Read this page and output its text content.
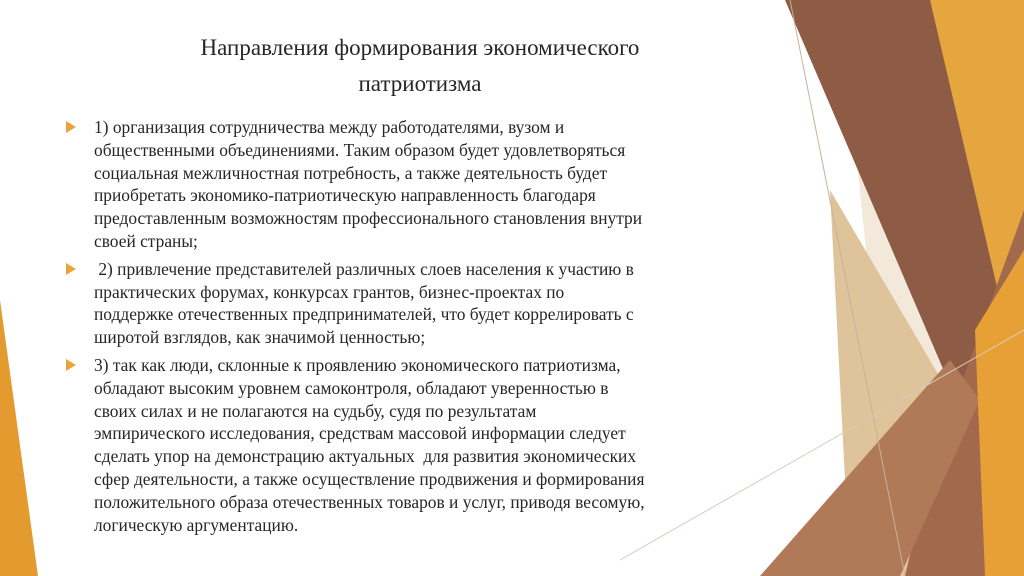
Направления формирования экономического
патриотизма
1) организация сотрудничества между работодателями, вузом и
общественными объединениями. Таким образом будет удовлетворяться
социальная межличностная потребность, а также деятельность будет
приобретать экономико-патриотическую направленность благодаря
предоставленным возможностям профессионального становления внутри
своей страны;
2) привлечение представителей различных слоев населения к участию в
практических форумах, конкурсах грантов, бизнес-проектах по
поддержке отечественных предпринимателей, что будет коррелировать с
широтой взглядов, как значимой ценностью;
3) так как люди, склонные к проявлению экономического патриотизма,
обладают высоким уровнем самоконтроля, обладают уверенностью в
своих силах и не полагаются на судьбу, судя по результатам
эмпирического исследования, средствам массовой информации следует
сделать упор на демонстрацию актуальных  для развития экономических
сфер деятельности, а также осуществление продвижения и формирования
положительного образа отечественных товаров и услуг, приводя весомую,
логическую аргументацию.
